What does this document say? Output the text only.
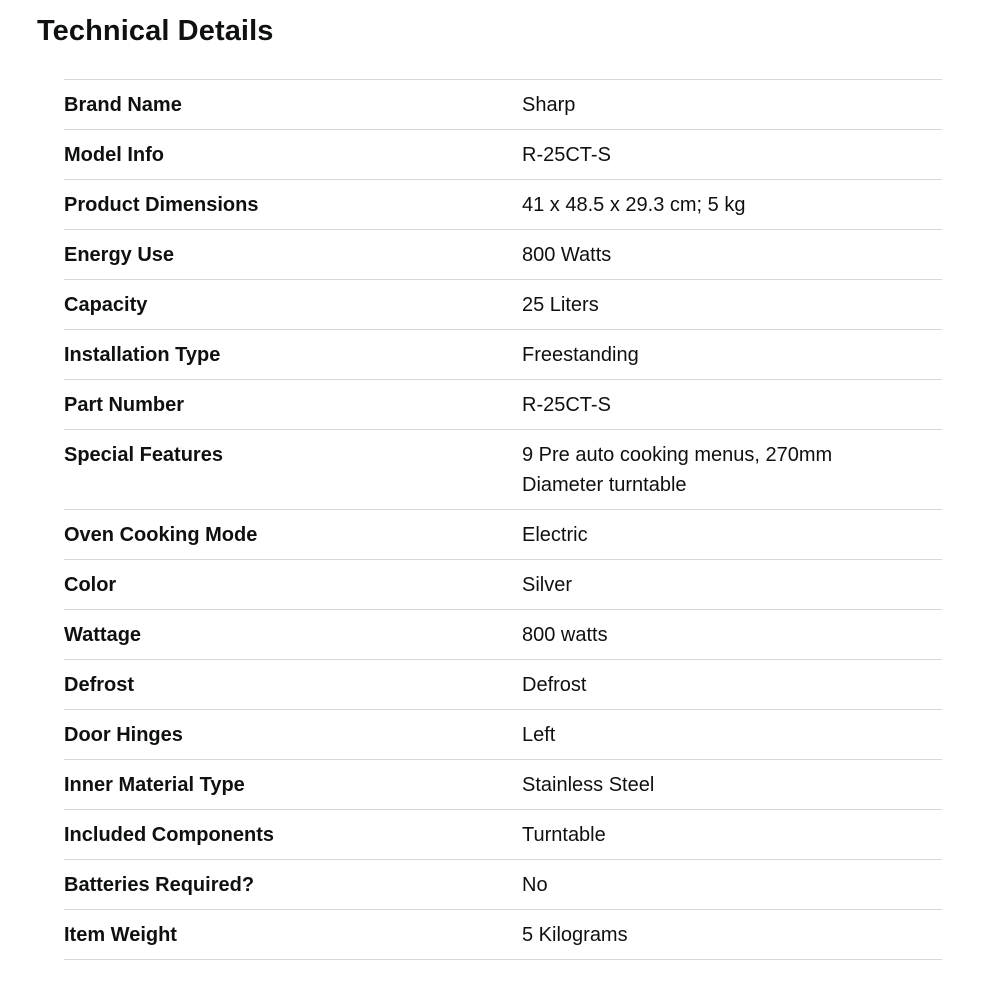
Technical Details
Brand Name	Sharp
Model Info	R-25CT-S
Product Dimensions	41 x 48.5 x 29.3 cm; 5 kg
Energy Use	800 Watts
Capacity	25 Liters
Installation Type	Freestanding
Part Number	R-25CT-S
Special Features	9 Pre auto cooking menus, 270mm Diameter turntable
Oven Cooking Mode	Electric
Color	Silver
Wattage	800 watts
Defrost	Defrost
Door Hinges	Left
Inner Material Type	Stainless Steel
Included Components	Turntable
Batteries Required?	No
Item Weight	5 Kilograms
